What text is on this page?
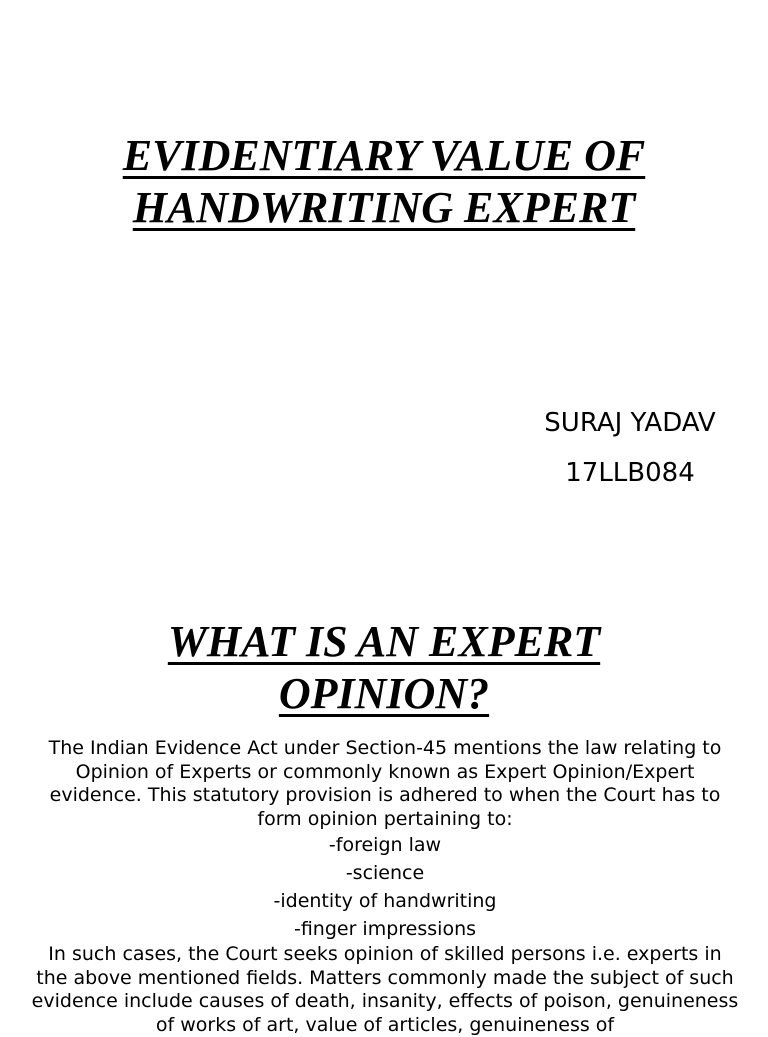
EVIDENTIARY VALUE OF
HANDWRITING EXPERT
SURAJ YADAV
17LLB084
WHAT IS AN EXPERT
OPINION?

The Indian Evidence Act under Section-45 mentions the law relating to Opinion of Experts or commonly known as Expert Opinion/Expert evidence. This statutory provision is adhered to when the Court has to form opinion pertaining to:

-foreign law

-science

-identity of handwriting

-finger impressions

In such cases, the Court seeks opinion of skilled persons i.e. experts in the above mentioned fields. Matters commonly made the subject of such evidence include causes of death, insanity, effects of poison, genuineness of works of art, value of articles, genuineness of
